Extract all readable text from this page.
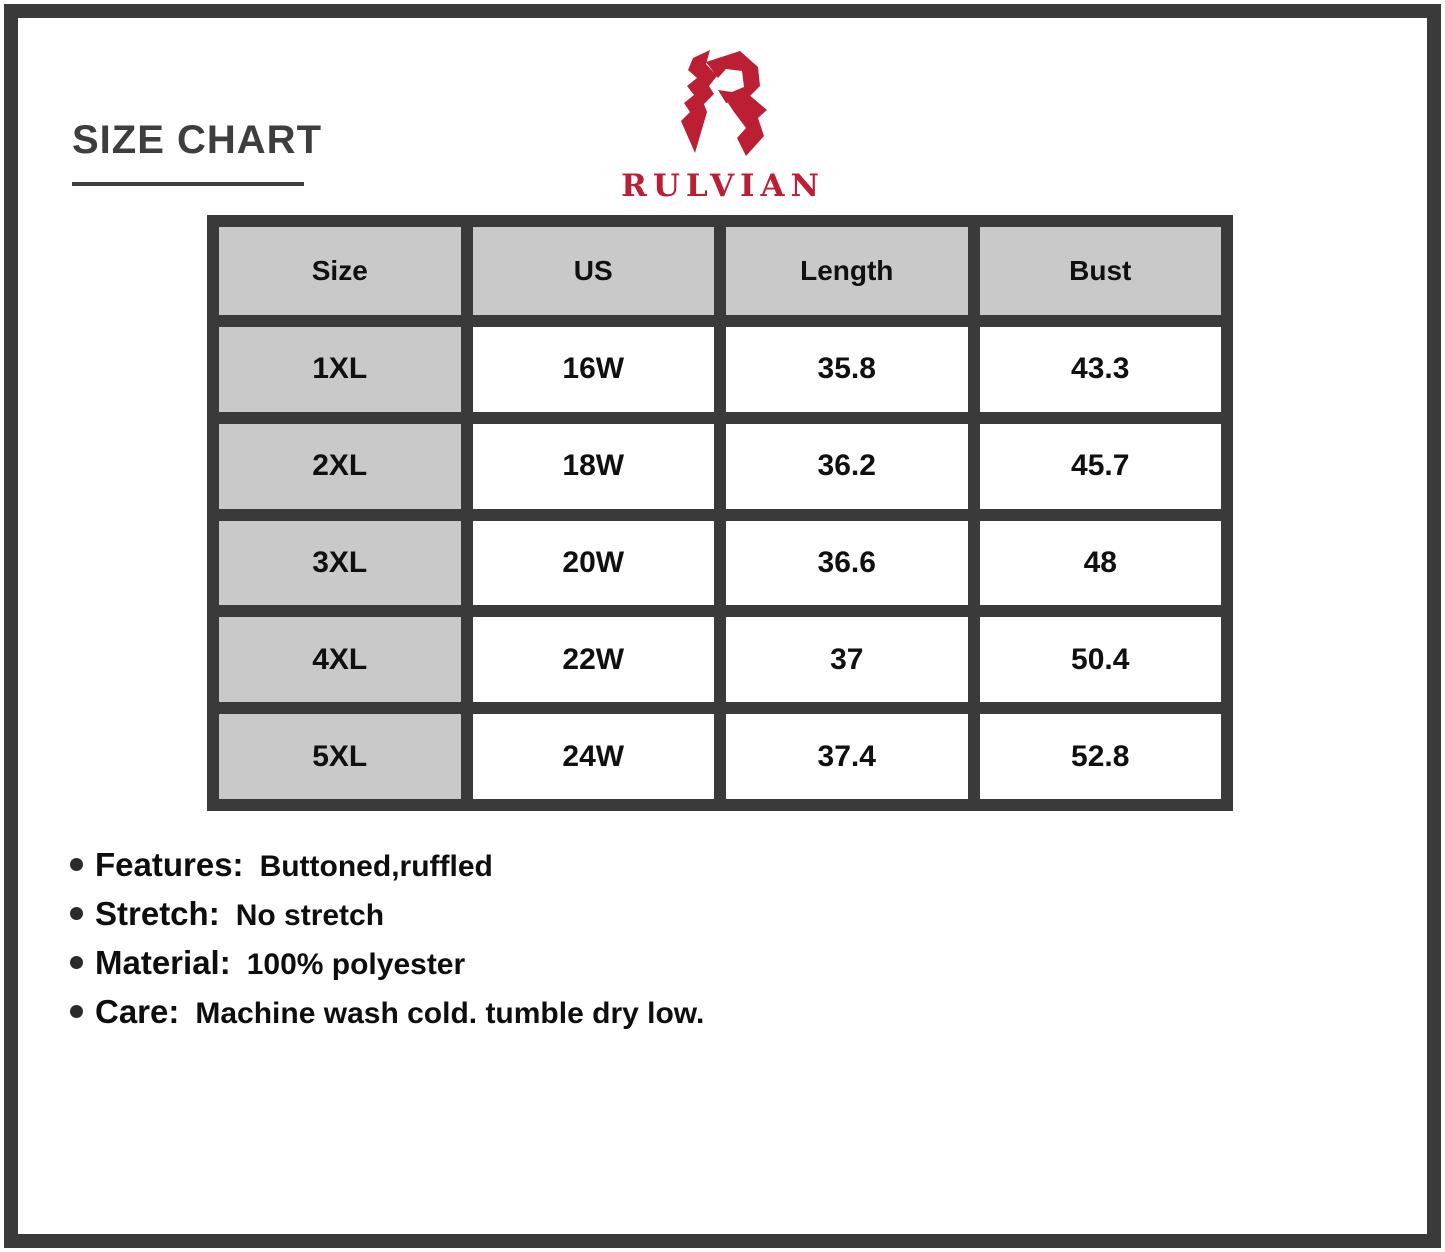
SIZE CHART
RULVIAN
Size	US	Length	Bust
1XL	16W	35.8	43.3
2XL	18W	36.2	45.7
3XL	20W	36.6	48
4XL	22W	37	50.4
5XL	24W	37.4	52.8
Features: Buttoned,ruffled
Stretch: No stretch
Material: 100% polyester
Care: Machine wash cold. tumble dry low.
